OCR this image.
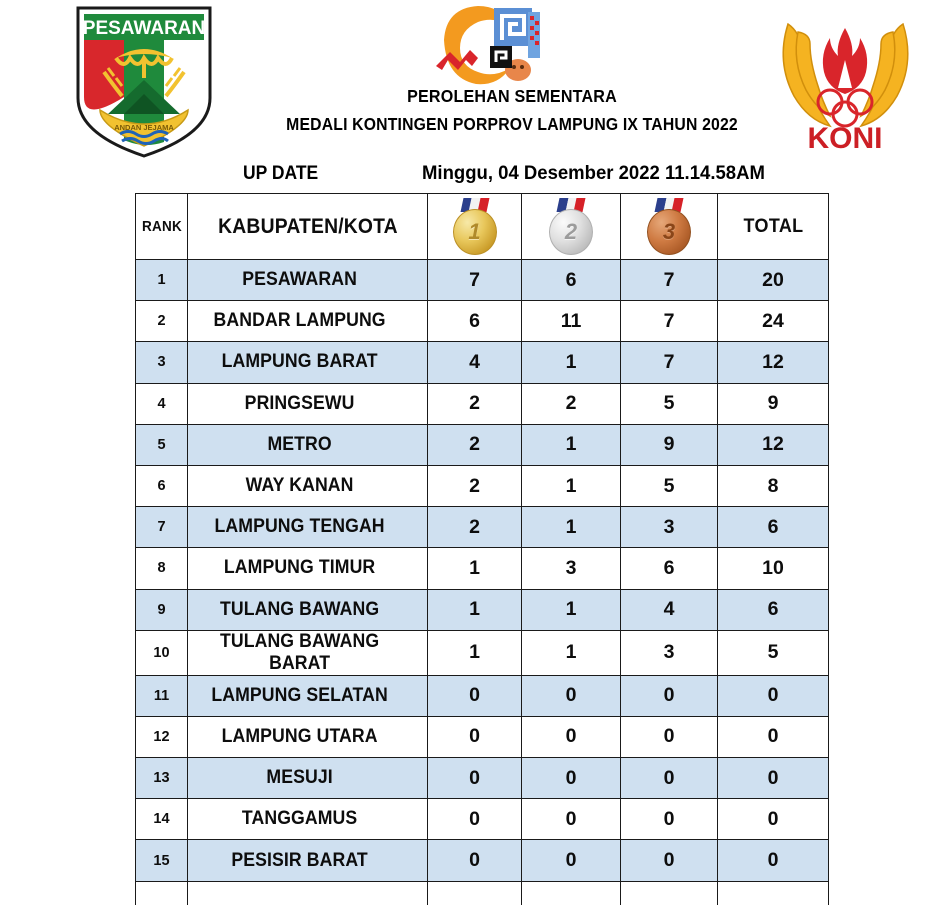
PESAWARAN
ANDAN JEJAMA	KONI
PEROLEHAN SEMENTARA
MEDALI KONTINGEN PORPROV LAMPUNG IX TAHUN 2022
UP DATE	Minggu, 04 Desember 2022 11.14.58AM
RANK	KABUPATEN/KOTA	1	2	3	TOTAL
1	PESAWARAN	7	6	7	20
2	BANDAR LAMPUNG	6	11	7	24
3	LAMPUNG BARAT	4	1	7	12
4	PRINGSEWU	2	2	5	9
5	METRO	2	1	9	12
6	WAY KANAN	2	1	5	8
7	LAMPUNG TENGAH	2	1	3	6
8	LAMPUNG TIMUR	1	3	6	10
9	TULANG BAWANG	1	1	4	6
10	TULANG BAWANG BARAT	1	1	3	5
11	LAMPUNG SELATAN	0	0	0	0
12	LAMPUNG UTARA	0	0	0	0
13	MESUJI	0	0	0	0
14	TANGGAMUS	0	0	0	0
15	PESISIR BARAT	0	0	0	0
